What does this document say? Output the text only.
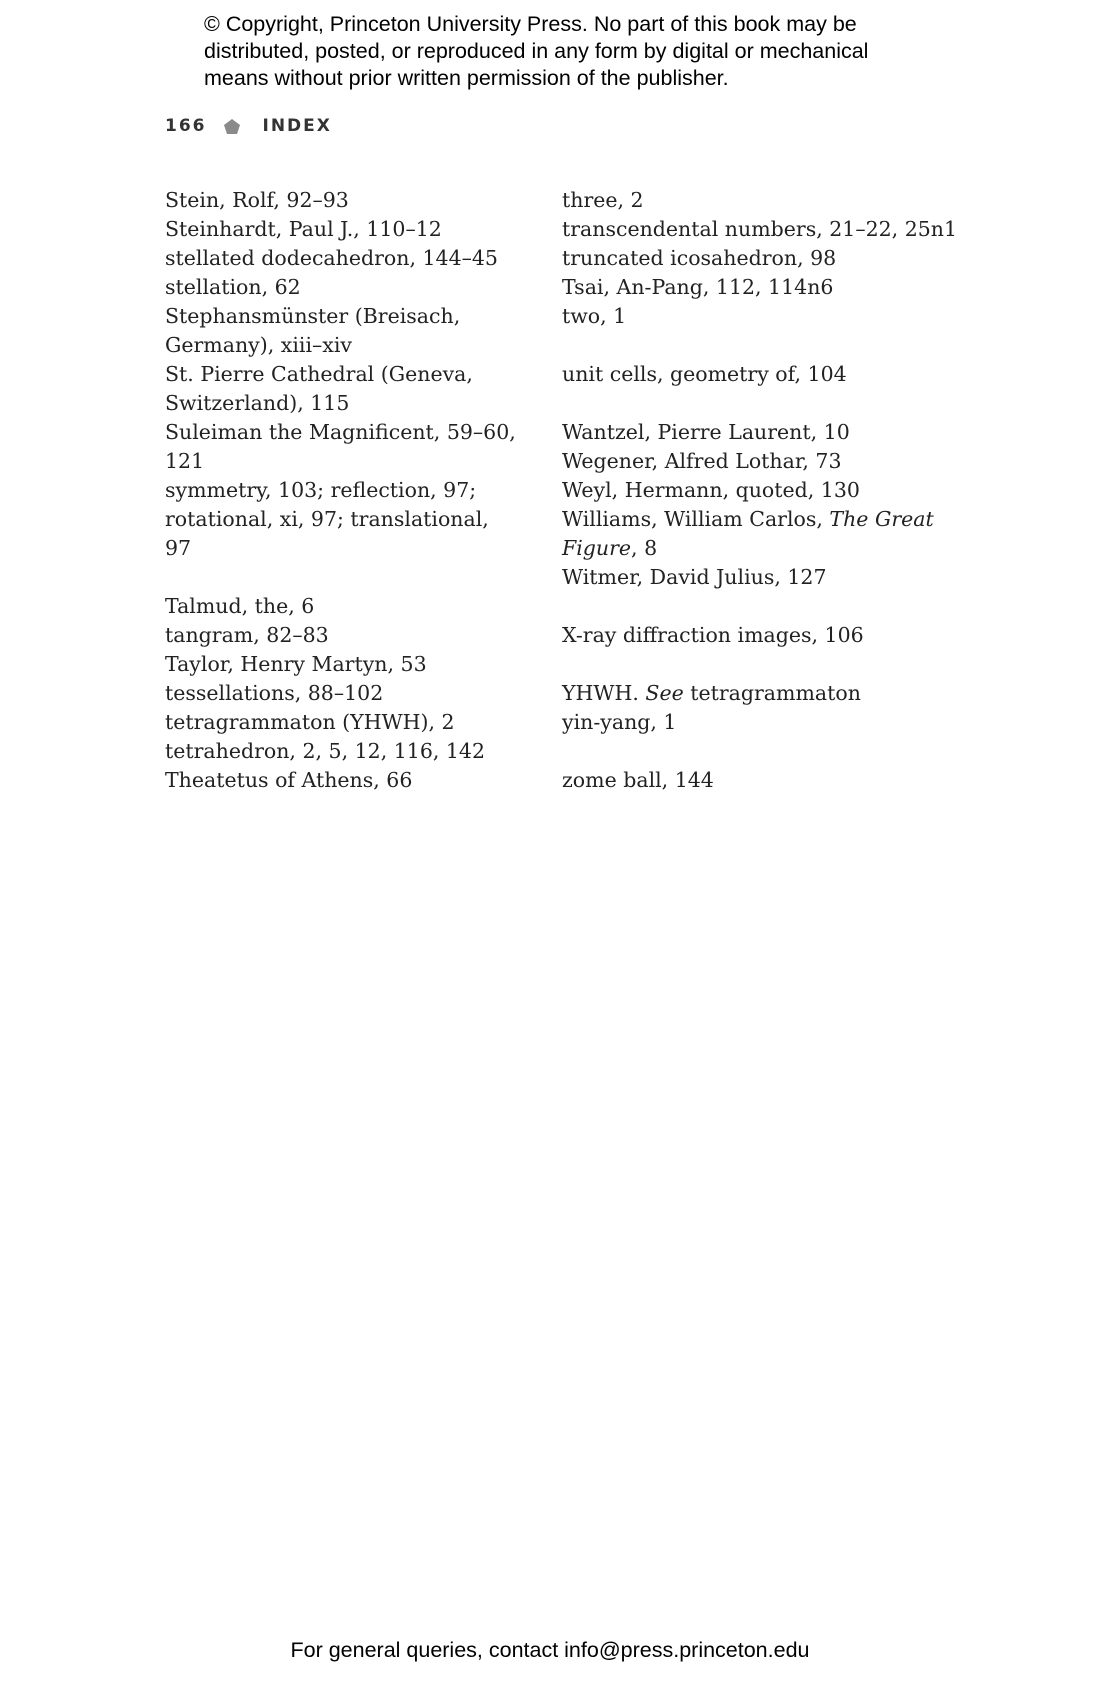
© Copyright, Princeton University Press. No part of this book may be
distributed, posted, or reproduced in any form by digital or mechanical
means without prior written permission of the publisher.
166	INDEX
Stein, Rolf, 92–93
Steinhardt, Paul J., 110–12
stellated dodecahedron, 144–45
stellation, 62
Stephansmünster (Breisach,
Germany), xiii–xiv
St. Pierre Cathedral (Geneva,
Switzerland), 115
Suleiman the Magnificent, 59–60,
121
symmetry, 103; reflection, 97;
rotational, xi, 97; translational,
97
Talmud, the, 6
tangram, 82–83
Taylor, Henry Martyn, 53
tessellations, 88–102
tetragrammaton (YHWH), 2
tetrahedron, 2, 5, 12, 116, 142
Theatetus of Athens, 66
three, 2
transcendental numbers, 21–22, 25n1
truncated icosahedron, 98
Tsai, An-Pang, 112, 114n6
two, 1
unit cells, geometry of, 104
Wantzel, Pierre Laurent, 10
Wegener, Alfred Lothar, 73
Weyl, Hermann, quoted, 130
Williams, William Carlos, The Great
Figure, 8
Witmer, David Julius, 127
X-ray diffraction images, 106
YHWH. See tetragrammaton
yin-yang, 1
zome ball, 144
For general queries, contact info@press.princeton.edu
